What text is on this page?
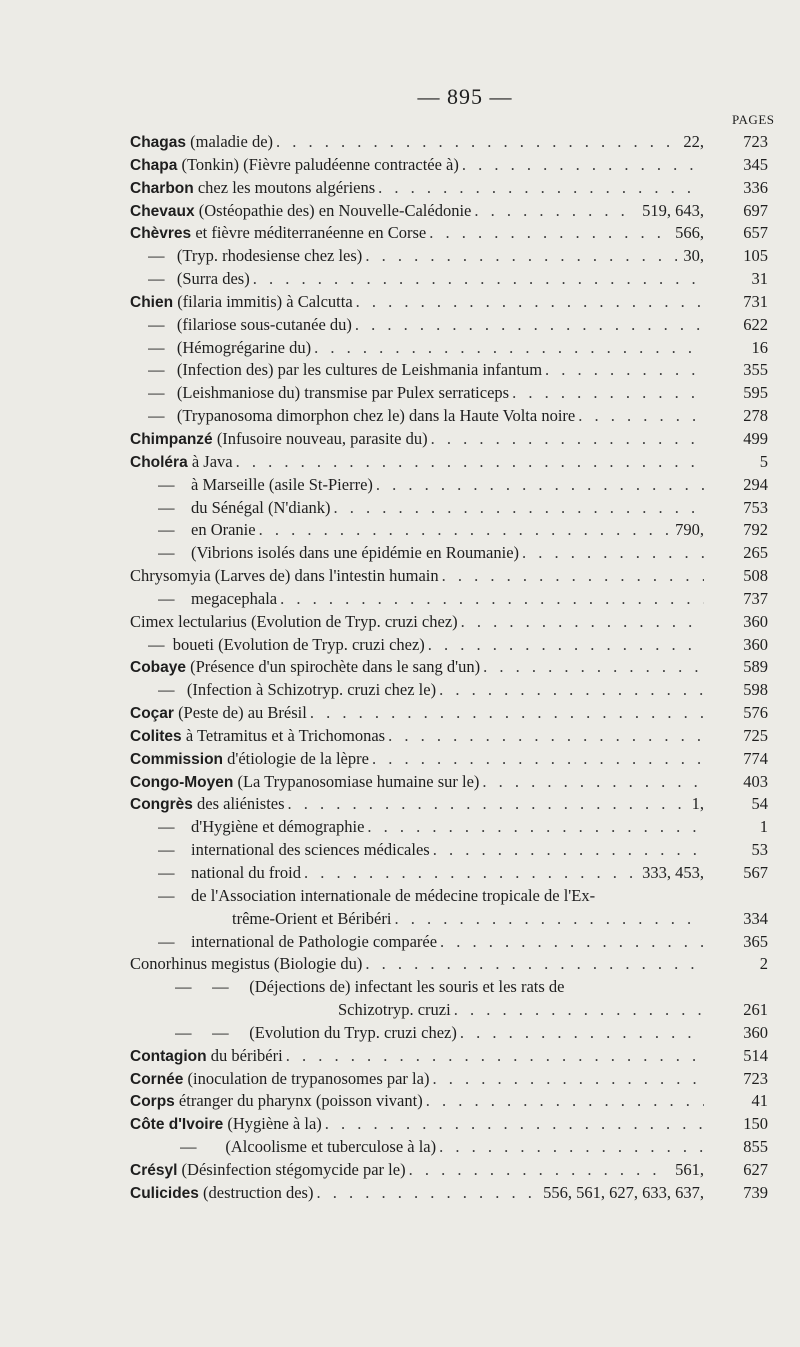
— 895 —
PAGES
Chagas (maladie de) . . .	22,	723
Chapa (Tonkin) (Fièvre paludéenne contractée à) . . .	345
Charbon chez les moutons algériens . . .	336
Chevaux (Ostéopathie des) en Nouvelle-Calédonie . . .	519, 643,	697
Chèvres et fièvre méditerranéenne en Corse . . .	566,	657
—   (Tryp. rhodesiense chez les) . . .	30,	105
—   (Surra des) . . .	31
Chien (filaria immitis) à Calcutta . . .	731
—   (filariose sous-cutanée du) . . .	622
—   (Hémogrégarine du) . . .	16
—   (Infection des) par les cultures de Leishmania infantum . . .	355
—   (Leishmaniose du) transmise par Pulex serraticeps . . .	595
—   (Trypanosoma dimorphon chez le) dans la Haute Volta noire . . .	278
Chimpanzé (Infusoire nouveau, parasite du) . . .	499
Choléra à Java . . .	5
—    à Marseille (asile St-Pierre) . . .	294
—    du Sénégal (N'diank) . . .	753
—    en Oranie . . .	790,	792
—    (Vibrions isolés dans une épidémie en Roumanie) . . .	265
Chrysomyia (Larves de) dans l'intestin humain . . .	508
—    megacephala . . .	737
Cimex lectularius (Evolution de Tryp. cruzi chez) . . .	360
—  boueti (Evolution de Tryp. cruzi chez) . . .	360
Cobaye (Présence d'un spirochète dans le sang d'un) . . .	589
—   (Infection à Schizotryp. cruzi chez le) . . .	598
Coçar (Peste de) au Brésil . . .	576
Colites à Tetramitus et à Trichomonas . . .	725
Commission d'étiologie de la lèpre . . .	774
Congo-Moyen (La Trypanosomiase humaine sur le) . . .	403
Congrès des aliénistes . . .	1,	54
—    d'Hygiène et démographie . . .	1
—    international des sciences médicales . . .	53
—    national du froid . . .	333, 453,	567
—    de l'Association internationale de médecine tropicale de l'Ex-
trême-Orient et Béribéri . . .	334
—    international de Pathologie comparée . . .	365
Conorhinus megistus (Biologie du) . . .	2
—     —     (Déjections de) infectant les souris et les rats de
Schizotryp. cruzi . . .	261
—     —     (Evolution du Tryp. cruzi chez) . . .	360
Contagion du béribéri . . .	514
Cornée (inoculation de trypanosomes par la) . . .	723
Corps étranger du pharynx (poisson vivant) . . .	41
Côte d'Ivoire (Hygiène à la) . . .	150
—       (Alcoolisme et tuberculose à la) . . .	855
Crésyl (Désinfection stégomycide par le) . . .	561,	627
Culicides (destruction des) . . .	556, 561, 627, 633, 637,	739
